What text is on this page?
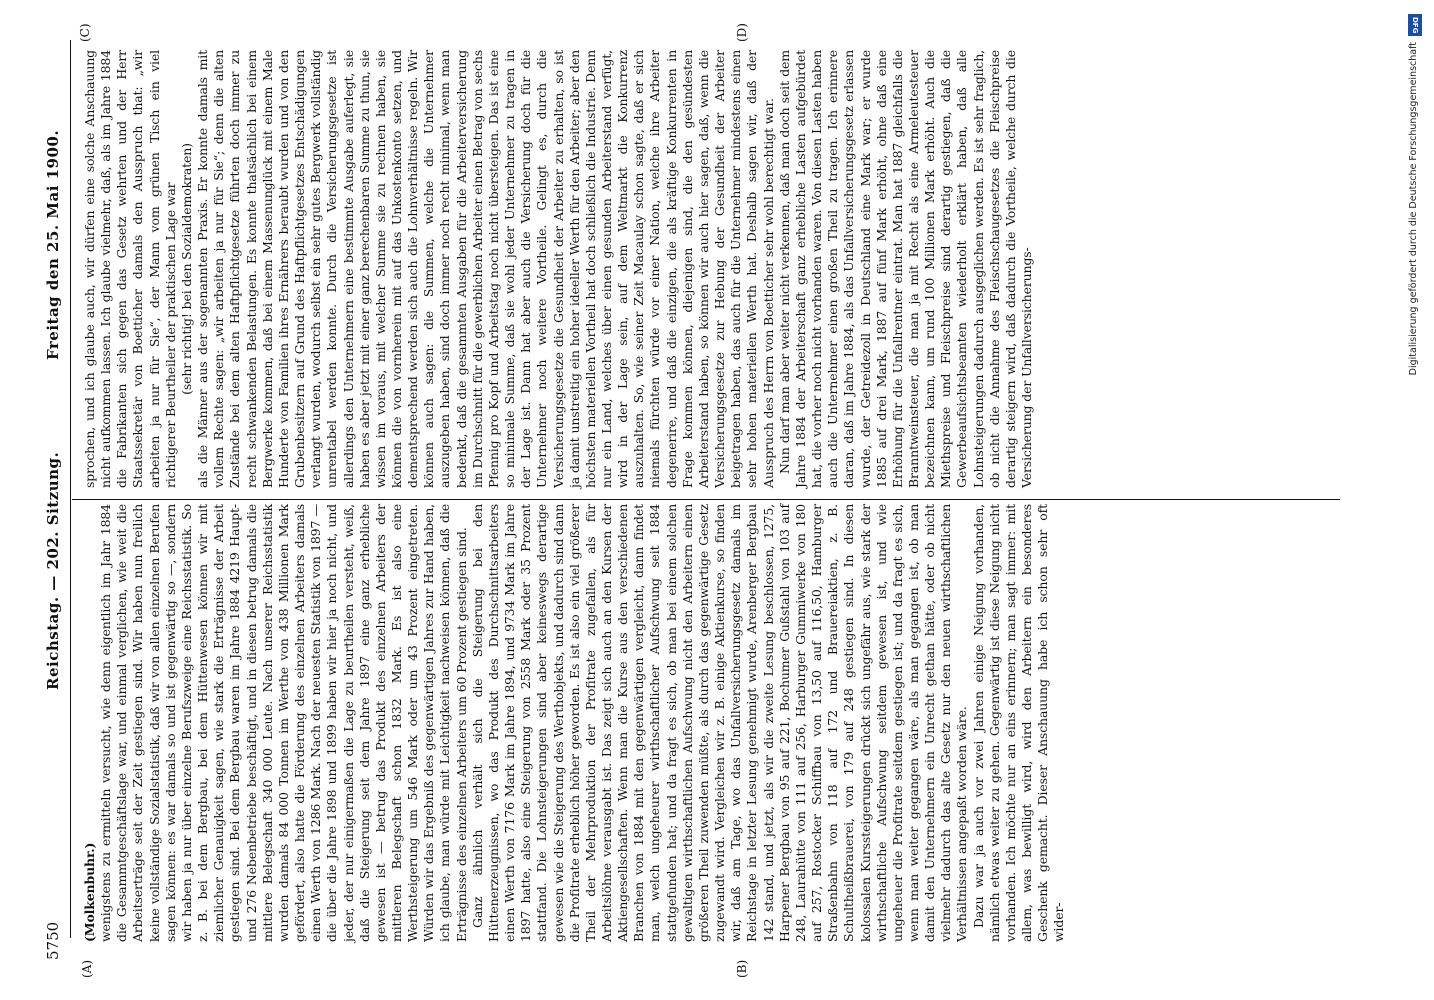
5750
Reichstag. — 202. Sitzung.
Freitag den 25. Mai 1900.
(A)	(B)
(C)	(D)

(Molkenbuhr.) wenigstens zu ermitteln versucht, wie denn eigentlich im Jahr 1884 die Gesammtgeschäftslage war, und einmal verglichen, wie weit die Arbeitserträge seit der Zeit gestiegen sind. Wir haben nun freilich keine vollständige Sozialstatistik, daß wir von allen einzelnen Berufen sagen können: es war damals so und ist gegenwärtig so —, sondern wir haben ja nur über einzelne Berufszweige eine Reichsstatistik. So z. B. bei dem Bergbau, bei dem Hüttenwesen können wir mit ziemlicher Genauigkeit sagen, wie stark die Erträgnisse der Arbeit gestiegen sind. Bei dem Bergbau waren im Jahre 1884 4219 Haupt- und 276 Nebenbetriebe beschäftigt, und in diesen betrug damals die mittlere Belegschaft 340 000 Leute. Nach unserer Reichsstatistik wurden damals 84 000 Tonnen im Werthe von 438 Millionen Mark gefördert, also hatte die Förderung des einzelnen Arbeiters damals einen Werth von 1286 Mark. Nach der neuesten Statistik von 1897 — die über die Jahre 1898 und 1899 haben wir hier ja noch nicht, und jeder, der nur einigermaßen die Lage zu beurtheilen versteht, weiß, daß die Steigerung seit dem Jahre 1897 eine ganz erhebliche gewesen ist — betrug das Produkt des einzelnen Arbeiters der mittleren Belegschaft schon 1832 Mark. Es ist also eine Werthsteigerung um 546 Mark oder um 43 Prozent eingetreten. Würden wir das Ergebniß des gegenwärtigen Jahres zur Hand haben, ich glaube, man würde mit Leichtigkeit nachweisen können, daß die Erträgnisse des einzelnen Arbeiters um 60 Prozent gestiegen sind. Ganz ähnlich verhält sich die Steigerung bei den Hüttenerzeugnissen, wo das Produkt des Durchschnittsarbeiters einen Werth von 7176 Mark im Jahre 1894, und 9734 Mark im Jahre 1897 hatte, also eine Steigerung von 2558 Mark oder 35 Prozent stattfand. Die Lohnsteigerungen sind aber keineswegs derartige gewesen wie die Steigerung des Werthobjekts, und dadurch sind dann die Profitrate erheblich höher geworden. Es ist also ein viel größerer Theil der Mehrproduktion der Profitrate zugefallen, als für Arbeitslöhne verausgabt ist. Das zeigt sich auch an den Kursen der Aktiengesellschaften. Wenn man die Kurse aus den verschiedenen Branchen von 1884 mit den gegenwärtigen vergleicht, dann findet man, welch ungeheurer wirthschaftlicher Aufschwung seit 1884 stattgefunden hat; und da fragt es sich, ob man bei einem solchen gewaltigen wirthschaftlichen Aufschwung nicht den Arbeitern einen größeren Theil zuwenden müßte, als durch das gegenwärtige Gesetz zugewandt wird. Vergleichen wir z. B. einige Aktienkurse, so finden wir, daß am Tage, wo das Unfallversicherungsgesetz damals im Reichstage in letzter Lesung genehmigt wurde, Arenberger Bergbau 142 stand, und jetzt, als wir die zweite Lesung beschlossen, 1275, Harpener Bergbau von 95 auf 221, Bochumer Gußstahl von 103 auf 248, Laurahütte von 111 auf 256, Harburger Gummiwerke von 180 auf 257, Rostocker Schiffbau von 13,50 auf 116,50, Hamburger Straßenbahn von 118 auf 172 und Brauereiaktien, z. B. Schultheißbrauerei, von 179 auf 248 gestiegen sind. In diesen kolossalen Kurssteigerungen drückt sich ungefähr aus, wie stark der wirthschaftliche Aufschwung seitdem gewesen ist, und wie ungeheuer die Profitrate seitdem gestiegen ist; und da fragt es sich, wenn man weiter gegangen wäre, als man gegangen ist, ob man damit den Unternehmern ein Unrecht gethan hätte, oder ob nicht vielmehr dadurch das alte Gesetz nur den neuen wirthschaftlichen Verhältnissen angepaßt worden wäre. Dazu war ja auch vor zwei Jahren einige Neigung vorhanden, nämlich etwas weiter zu gehen. Gegenwärtig ist diese Neigung nicht vorhanden. Ich möchte nur an eins erinnern; man sagt immer: mit allem, was bewilligt wird, wird den Arbeitern ein besonderes Geschenk gemacht. Dieser Anschauung habe ich schon sehr oft wider-

sprochen, und ich glaube auch, wir dürfen eine solche Anschauung nicht aufkommen lassen. Ich glaube vielmehr, daß, als im Jahre 1884 die Fabrikanten sich gegen das Gesetz wehrten und der Herr Staatssekretär von Boetticher damals den Ausspruch that: „wir arbeiten ja nur für Sie“, der Mann vom grünen Tisch ein viel richtigerer Beurtheiler der praktischen Lage war (sehr richtig! bei den Sozialdemokraten) als die Männer aus der sogenannten Praxis. Er konnte damals mit vollem Rechte sagen: „wir arbeiten ja nur für Sie“; denn die alten Zustände bei dem alten Haftpflichtgesetze führten doch immer zu recht schwankenden Belastungen. Es konnte thatsächlich bei einem Bergwerke kommen, daß bei einem Massenunglück mit einem Male Hunderte von Familien ihres Ernährers beraubt wurden und von den Grubenbesitzern auf Grund des Haftpflichtgesetzes Entschädigungen verlangt wurden, wodurch selbst ein sehr gutes Bergwerk vollständig unrentabel werden konnte. Durch die Versicherungsgesetze ist allerdings den Unternehmern eine bestimmte Ausgabe auferlegt, sie haben es aber jetzt mit einer ganz berechenbaren Summe zu thun, sie wissen im voraus, mit welcher Summe sie zu rechnen haben, sie können die von vornherein mit auf das Unkostenkonto setzen, und dementsprechend werden sich auch die Lohnverhältnisse regeln. Wir können auch sagen: die Summen, welche die Unternehmer auszugeben haben, sind doch immer noch recht minimal, wenn man bedenkt, daß die gesammten Ausgaben für die Arbeiterversicherung im Durchschnitt für die gewerblichen Arbeiter einen Betrag von sechs Pfennig pro Kopf und Arbeitstag noch nicht übersteigen. Das ist eine so minimale Summe, daß sie wohl jeder Unternehmer zu tragen in der Lage ist. Dann hat aber auch die Versicherung doch für die Unternehmer noch weitere Vortheile. Gelingt es, durch die Versicherungsgesetze die Gesundheit der Arbeiter zu erhalten, so ist ja damit unstreitig ein hoher ideeller Werth für den Arbeiter; aber den höchsten materiellen Vortheil hat doch schließlich die Industrie. Denn nur ein Land, welches über einen gesunden Arbeiterstand verfügt, wird in der Lage sein, auf dem Weltmarkt die Konkurrenz auszuhalten. So, wie seiner Zeit Macaulay schon sagte, daß er sich niemals fürchten würde vor einer Nation, welche ihre Arbeiter degenerire, und daß die einzigen, die als kräftige Konkurrenten in Frage kommen können, diejenigen sind, die den gesündesten Arbeiterstand haben, so können wir auch hier sagen, daß, wenn die Versicherungsgesetze zur Hebung der Gesundheit der Arbeiter beigetragen haben, das auch für die Unternehmer mindestens einen sehr hohen materiellen Werth hat. Deshalb sagen wir, daß der Ausspruch des Herrn von Boetticher sehr wohl berechtigt war. Nun darf man aber weiter nicht verkennen, daß man doch seit dem Jahre 1884 der Arbeiterschaft ganz erhebliche Lasten aufgebürdet hat, die vorher noch nicht vorhanden waren. Von diesen Lasten haben auch die Unternehmer einen großen Theil zu tragen. Ich erinnere daran, daß im Jahre 1884, als das Unfallversicherungsgesetz erlassen wurde, der Getreidezoll in Deutschland eine Mark war; er wurde 1885 auf drei Mark, 1887 auf fünf Mark erhöht, ohne daß eine Erhöhung für die Unfallrentner eintrat. Man hat 1887 gleichfalls die Branntweinsteuer, die man ja mit Recht als eine Armeleutesteuer bezeichnen kann, um rund 100 Millionen Mark erhöht. Auch die Miethspreise und Fleischpreise sind derartig gestiegen, daß die Gewerbeaufsichtsbeamten wiederholt erklärt haben, daß alle Lohnsteigerungen dadurch ausgeglichen werden. Es ist sehr fraglich, ob nicht die Annahme des Fleischschaugesetzes die Fleischpreise derartig steigern wird, daß dadurch die Vortheile, welche durch die Versicherung der Unfallversicherungs-

DFG
Digitalisierung gefördert durch die Deutsche Forschungsgemeinschaft
